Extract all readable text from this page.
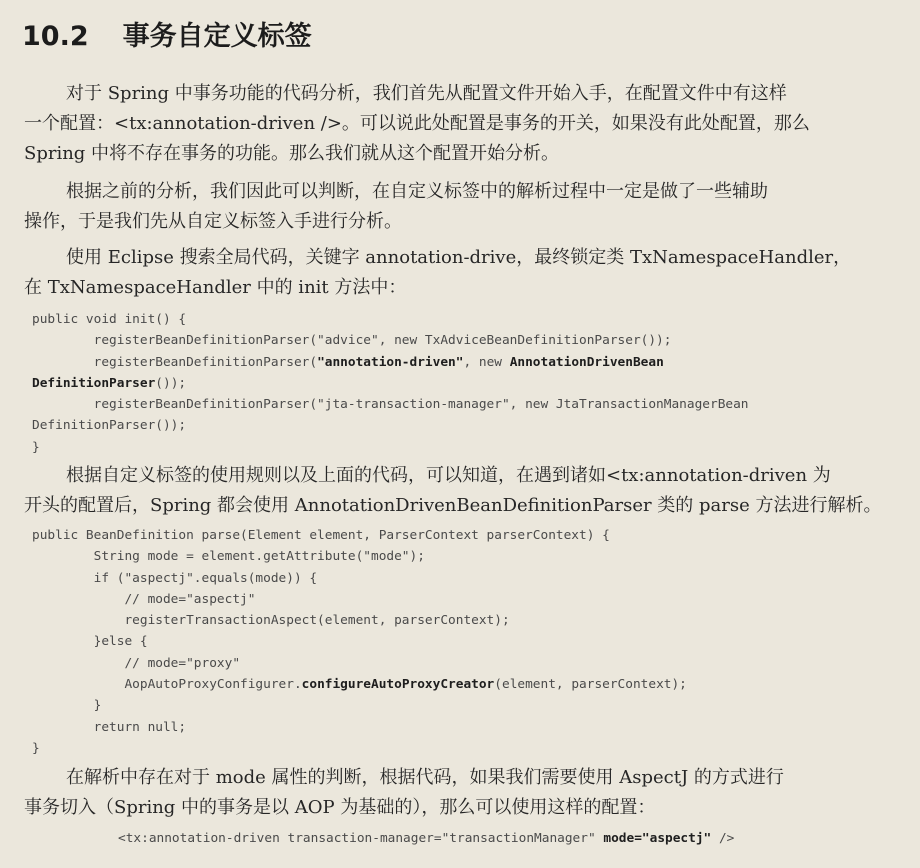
10.2 事务自定义标签
对于 Spring 中事务功能的代码分析，我们首先从配置文件开始入手，在配置文件中有这样
一个配置：<tx:annotation-driven />。可以说此处配置是事务的开关，如果没有此处配置，那么
Spring 中将不存在事务的功能。那么我们就从这个配置开始分析。
根据之前的分析，我们因此可以判断，在自定义标签中的解析过程中一定是做了一些辅助
操作，于是我们先从自定义标签入手进行分析。
使用 Eclipse 搜索全局代码，关键字 annotation-drive，最终锁定类 TxNamespaceHandler，
在 TxNamespaceHandler 中的 init 方法中：
public void init() {
registerBeanDefinitionParser("advice", new TxAdviceBeanDefinitionParser());
registerBeanDefinitionParser("annotation-driven", new AnnotationDrivenBean
DefinitionParser());
registerBeanDefinitionParser("jta-transaction-manager", new JtaTransactionManagerBean
DefinitionParser());
}
根据自定义标签的使用规则以及上面的代码，可以知道，在遇到诸如<tx:annotation-driven 为
开头的配置后，Spring 都会使用 AnnotationDrivenBeanDefinitionParser 类的 parse 方法进行解析。
public BeanDefinition parse(Element element, ParserContext parserContext) {
String mode = element.getAttribute("mode");
if ("aspectj".equals(mode)) {
// mode="aspectj"
registerTransactionAspect(element, parserContext);
}else {
// mode="proxy"
AopAutoProxyConfigurer.configureAutoProxyCreator(element, parserContext);
}
return null;
}
在解析中存在对于 mode 属性的判断，根据代码，如果我们需要使用 AspectJ 的方式进行
事务切入（Spring 中的事务是以 AOP 为基础的），那么可以使用这样的配置：
<tx:annotation-driven transaction-manager="transactionManager" mode="aspectj" />
